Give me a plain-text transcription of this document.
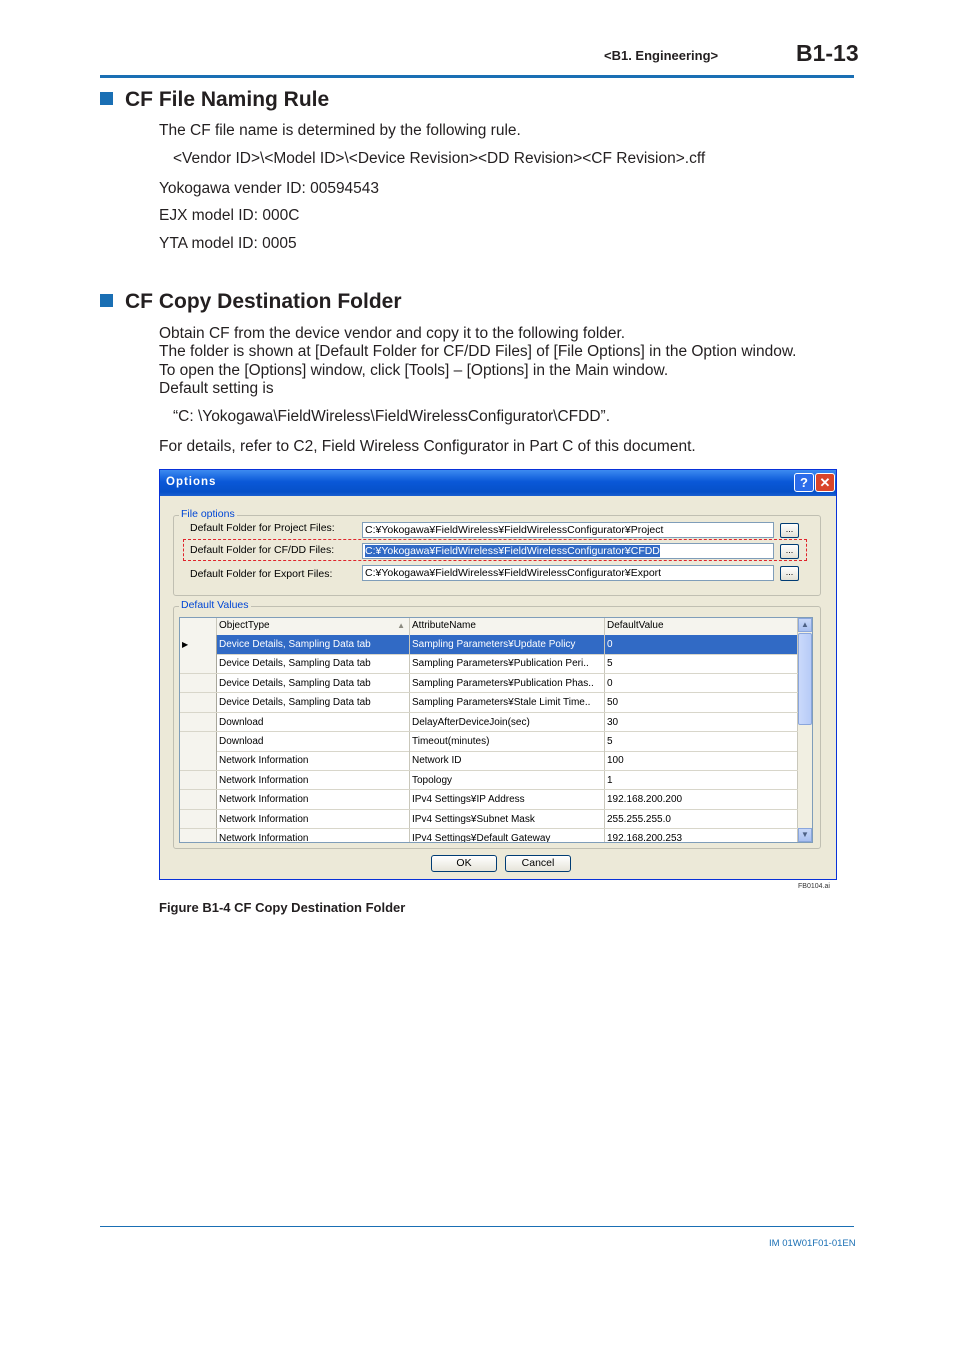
<B1. Engineering>	B1-13
CF File Naming Rule
The CF file name is determined by the following rule.
<Vendor ID>\<Model ID>\<Device Revision><DD Revision><CF Revision>.cff
Yokogawa vender ID: 00594543
EJX model ID: 000C
YTA model ID: 0005
CF Copy Destination Folder
Obtain CF from the device vendor and copy it to the following folder.
The folder is shown at [Default Folder for CF/DD Files] of [File Options] in the Option window.
To open the [Options] window, click [Tools] – [Options] in the Main window.
Default setting is
“C: \Yokogawa\FieldWireless\FieldWirelessConfigurator\CFDD”.
For details, refer to C2, Field Wireless Configurator in Part C of this document.
Options	? ✕
File options
Default Folder for Project Files:	C:¥Yokogawa¥FieldWireless¥FieldWirelessConfigurator¥Project	...
Default Folder for CF/DD Files:	C:¥Yokogawa¥FieldWireless¥FieldWirelessConfigurator¥CFDD	...
Default Folder for Export Files:	C:¥Yokogawa¥FieldWireless¥FieldWirelessConfigurator¥Export	...
Default Values
ObjectType	▲ AttributeName	DefaultValue
▶	Device Details, Sampling Data tab	Sampling Parameters¥Update Policy	0
Device Details, Sampling Data tab	Sampling Parameters¥Publication Peri..	5
Device Details, Sampling Data tab	Sampling Parameters¥Publication Phas..	0
Device Details, Sampling Data tab	Sampling Parameters¥Stale Limit Time..	50
Download	DelayAfterDeviceJoin(sec)	30
Download	Timeout(minutes)	5
Network Information	Network ID	100
Network Information	Topology	1
Network Information	IPv4 Settings¥IP Address	192.168.200.200
Network Information	IPv4 Settings¥Subnet Mask	255.255.255.0
Network Information	IPv4 Settings¥Default Gateway	192.168.200.253
▲
▼
OK	Cancel
FB0104.ai
Figure B1-4 CF Copy Destination Folder
IM 01W01F01-01EN
